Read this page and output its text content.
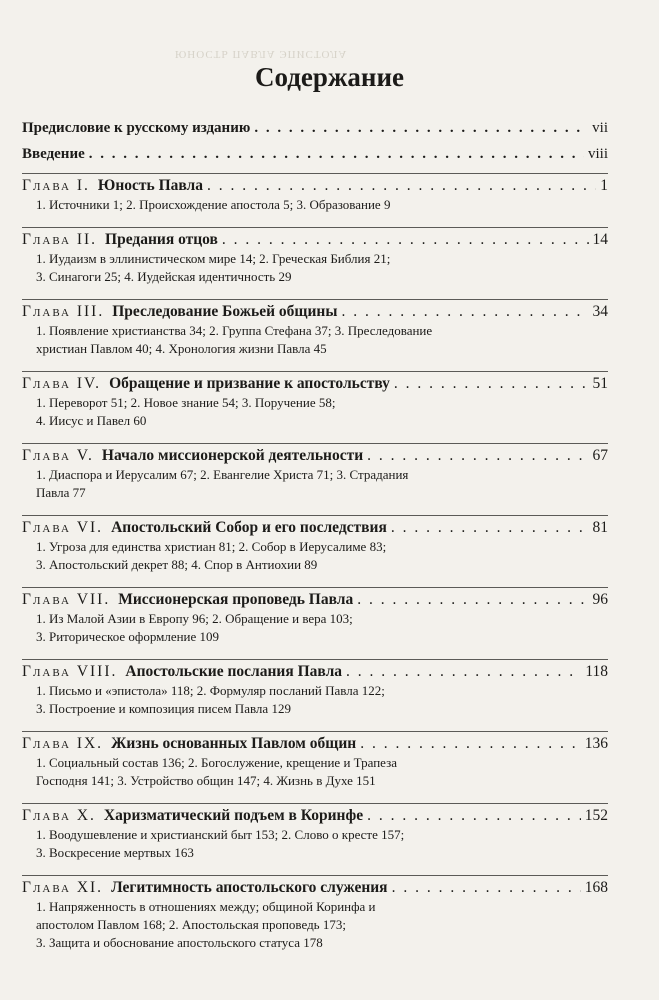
ЮНОСТЬ ПАВЛА ЭПИСТОЛА
Содержание
Предисловие к русскому изданию . . .	vii
Введение . . .	viii
Глава I. Юность Павла . . .	1
1. Источники 1; 2. Происхождение апостола 5; 3. Образование 9
Глава II. Предания отцов . . .	14
1. Иудаизм в эллинистическом мире 14; 2. Греческая Библия 21;
3. Синагоги 25; 4. Иудейская идентичность 29
Глава III. Преследование Божьей общины . . .	34
1. Появление христианства 34; 2. Группа Стефана 37; 3. Преследование
христиан Павлом 40; 4. Хронология жизни Павла 45
Глава IV. Обращение и призвание к апостольству . . .	51
1. Переворот 51; 2. Новое знание 54; 3. Поручение 58;
4. Иисус и Павел 60
Глава V. Начало миссионерской деятельности . . .	67
1. Диаспора и Иерусалим 67; 2. Евангелие Христа 71; 3. Страдания
Павла 77
Глава VI. Апостольский Собор и его последствия . . .	81
1. Угроза для единства христиан 81; 2. Собор в Иерусалиме 83;
3. Апостольский декрет 88; 4. Спор в Антиохии 89
Глава VII. Миссионерская проповедь Павла . . .	96
1. Из Малой Азии в Европу 96; 2. Обращение и вера 103;
3. Риторическое оформление 109
Глава VIII. Апостольские послания Павла . . .	118
1. Письмо и «эпистола» 118; 2. Формуляр посланий Павла 122;
3. Построение и композиция писем Павла 129
Глава IX. Жизнь основанных Павлом общин . . .	136
1. Социальный состав 136; 2. Богослужение, крещение и Трапеза
Господня 141; 3. Устройство общин 147; 4. Жизнь в Духе 151
Глава X. Харизматический подъем в Коринфе . . .	152
1. Воодушевление и христианский быт 153; 2. Слово о кресте 157;
3. Воскресение мертвых 163
Глава XI. Легитимность апостольского служения . . .	168
1. Напряженность в отношениях между; общиной Коринфа и
апостолом Павлом 168; 2. Апостольская проповедь 173;
3. Защита и обоснование апостольского статуса 178
